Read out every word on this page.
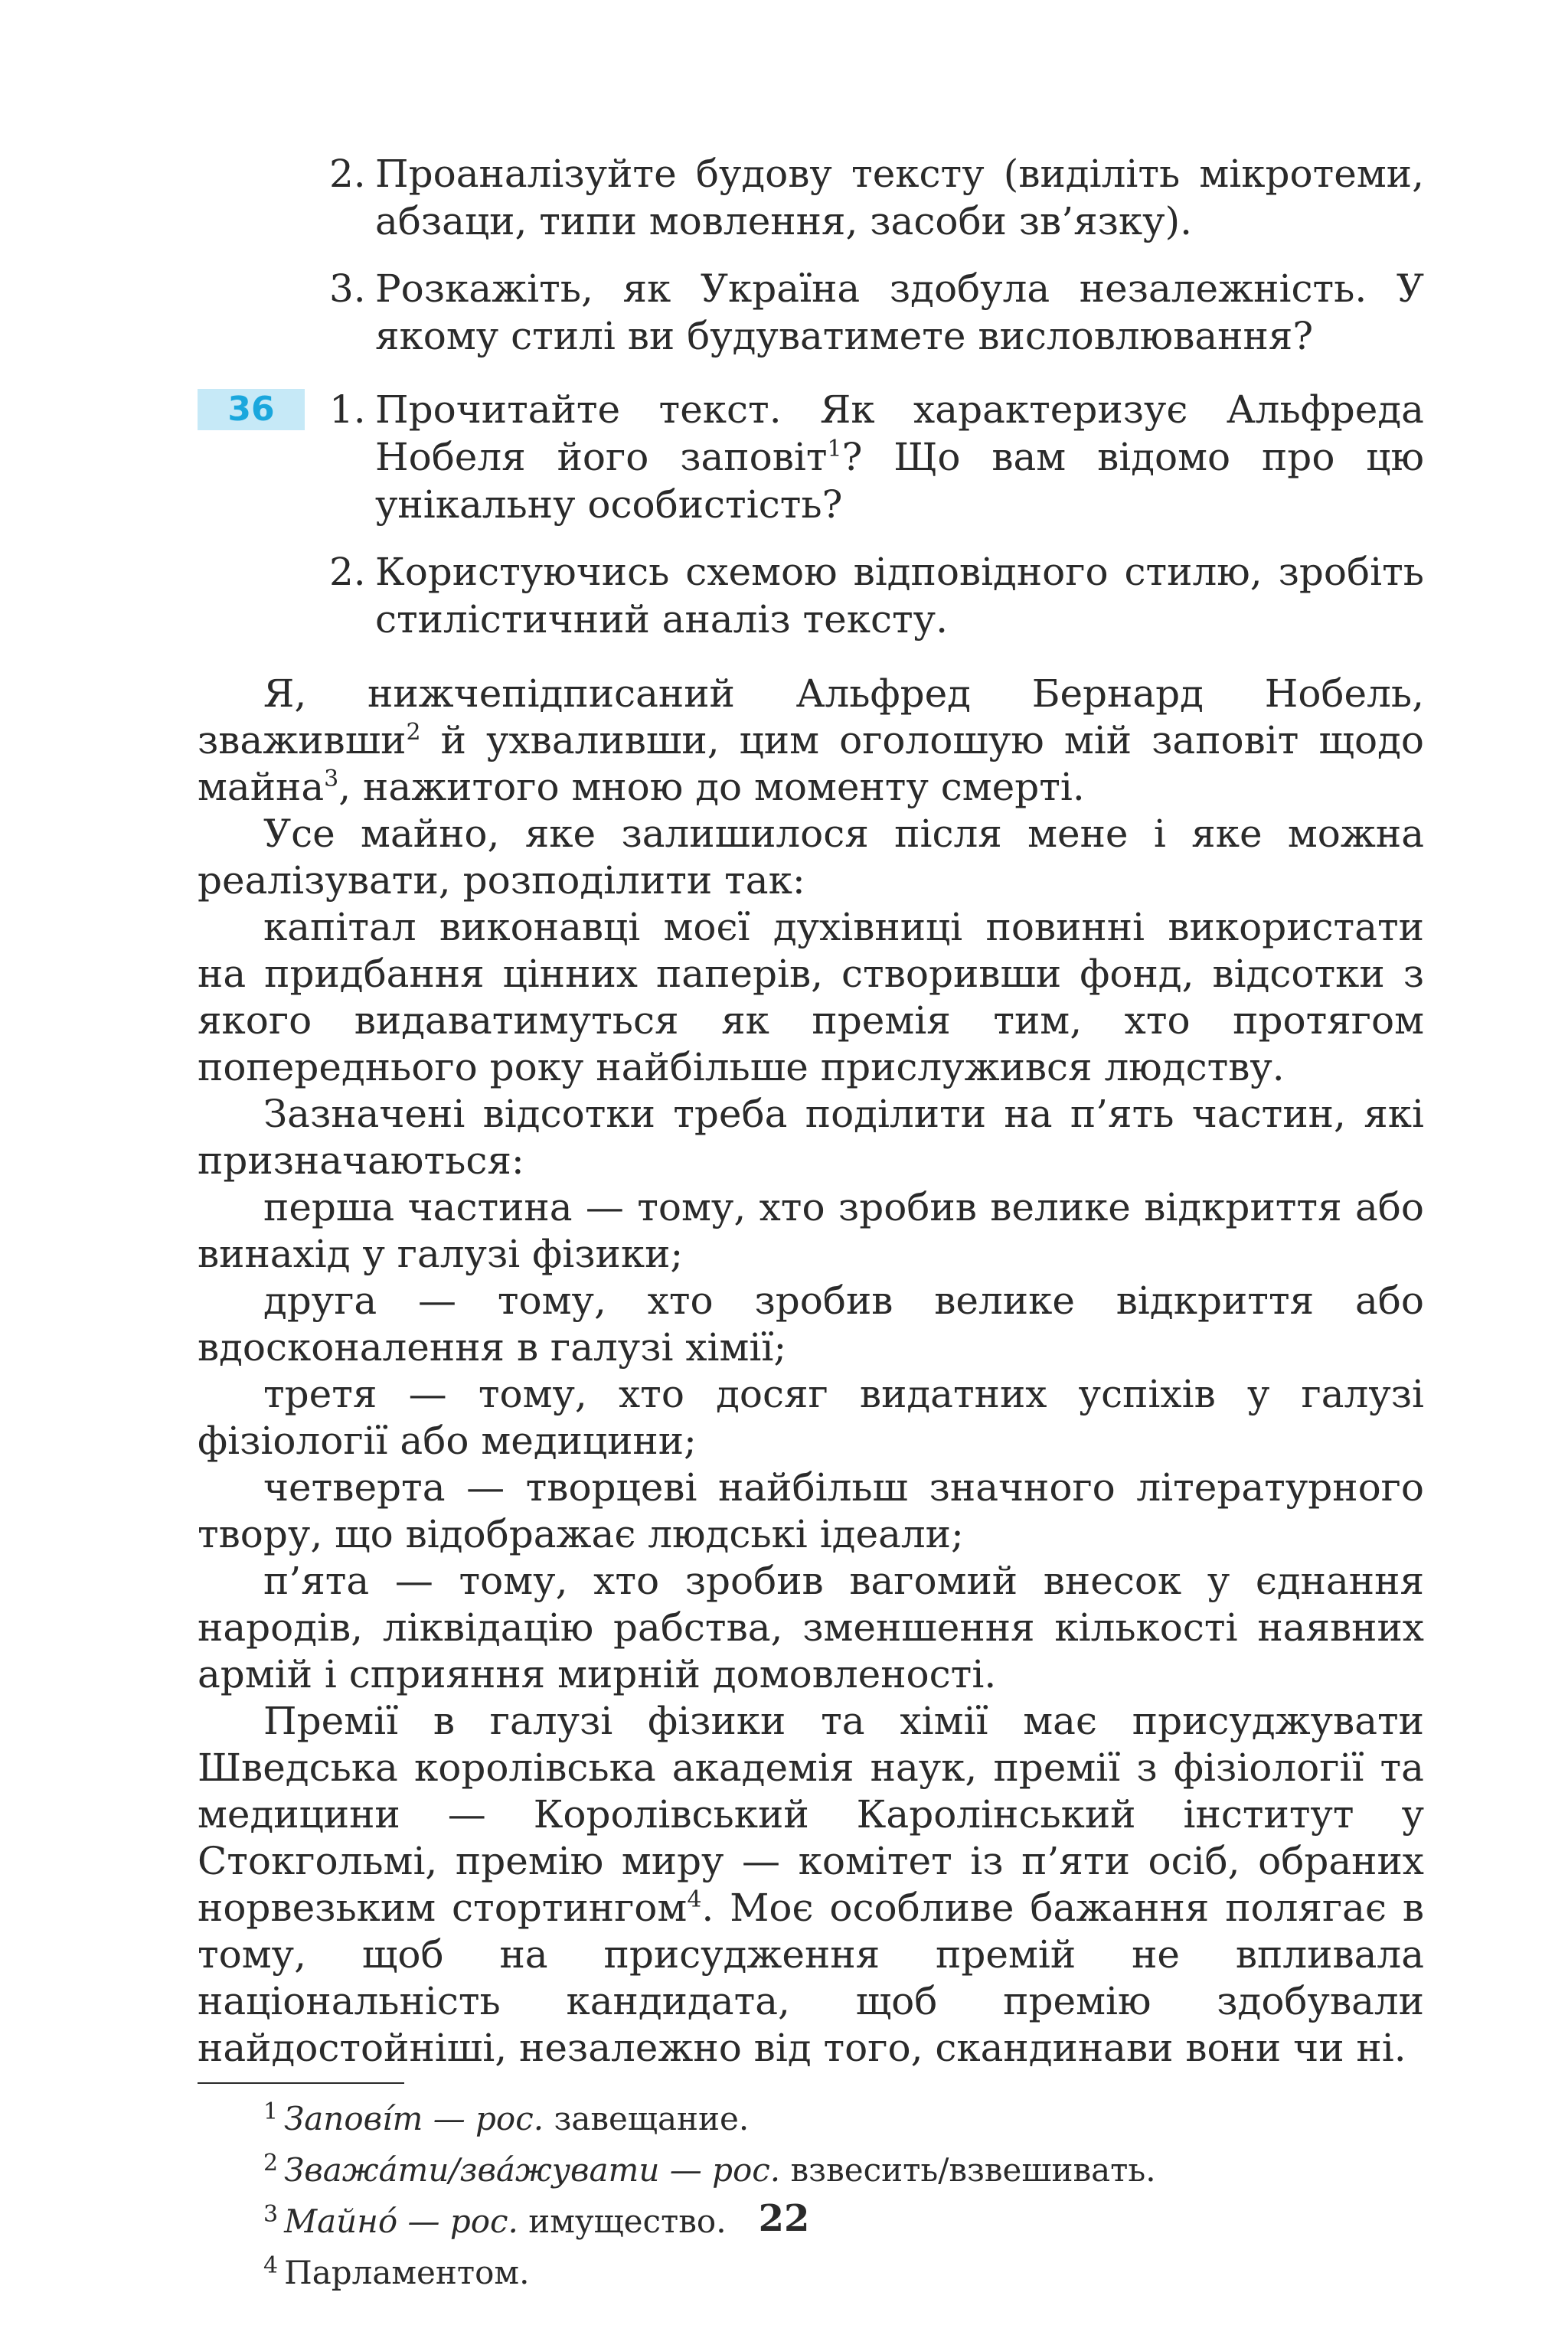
2. Проаналізуйте будову тексту (виділіть мікротеми, абзаци, типи мовлення, засоби зв’язку).
3. Розкажіть, як Україна здобула незалежність. У якому стилі ви будуватимете висловлювання?
36	1. Прочитайте текст. Як характеризує Альфреда Нобеля його заповіт$^1$? Що вам відомо про цю унікальну особистість?
2. Користуючись схемою відповідного стилю, зробіть стилістичний аналіз тексту.

Я, нижчепідписаний Альфред Бернард Нобель, зваживши$^2$ й ухваливши, цим оголошую мій заповіт щодо майна$^3$, нажитого мною до моменту смерті.

Усе майно, яке залишилося після мене і яке можна реалізувати, розподілити так:

капітал виконавці моєї духівниці повинні використати на придбання цінних паперів, створивши фонд, відсотки з якого видаватимуться як премія тим, хто протягом попереднього року найбільше прислужився людству.

Зазначені відсотки треба поділити на п’ять частин, які призначаються:

перша частина — тому, хто зробив велике відкриття або винахід у галузі фізики;

друга — тому, хто зробив велике відкриття або вдосконалення в галузі хімії;

третя — тому, хто досяг видатних успіхів у галузі фізіології або медицини;

четверта — творцеві найбільш значного літературного твору, що відображає людські ідеали;

п’ята — тому, хто зробив вагомий внесок у єднання народів, ліквідацію рабства, зменшення кількості наявних армій і сприяння мирній домовленості.

Премії в галузі фізики та хімії має присуджувати Шведська королівська академія наук, премії з фізіології та медицини — Королівський Каролінський інститут у Стокгольмі, премію миру — комітет із п’яти осіб, обраних норвезьким стортингом$^4$. Моє особливе бажання полягає в тому, щоб на присудження премій не впливала національність кандидата, щоб премію здобували найдостойніші, незалежно від того, скандинави вони чи ні.

$^1$ Запові́т — рос. завещание.
$^2$ Зважа́ти/зва́жувати — рос. взвесить/взвешивать.
$^3$ Майно́ — рос. имущество.
$^4$ Парламентом.
22
